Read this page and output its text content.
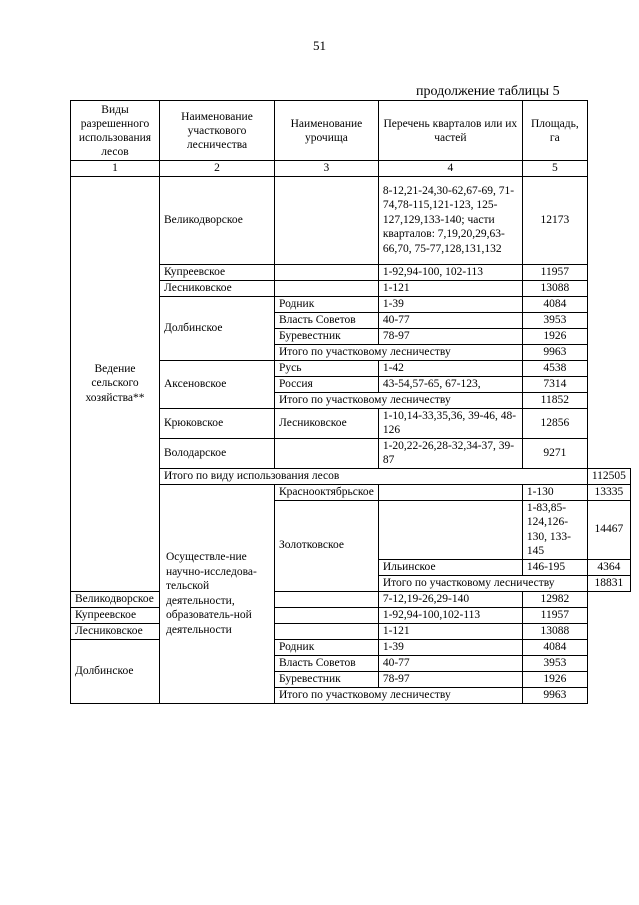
51
продолжение таблицы 5
Виды разрешенного использования лесов	Наименование участкового лесничества	Наименование урочища	Перечень кварталов или их частей	Площадь, га	
1	2	3	4	5	
Ведение сельского хозяйства**	Великодворское		8-12,21-24,30-62,67-69, 71-74,78-115,121-123, 125-127,129,133-140; части кварталов: 7,19,20,29,63-66,70, 75-77,128,131,132	12173	
	Купреевское		1-92,94-100, 102-113	11957	
	Лесниковское		1-121	13088	
	Долбинское	Родник	1-39	4084	
		Власть Советов	40-77	3953	
		Буревестник	78-97	1926	
		Итого по участковому лесничеству		9963	
	Аксеновское	Русь	1-42	4538	
		Россия	43-54,57-65, 67-123,	7314	
		Итого по участковому лесничеству		11852	
	Крюковское	Лесниковское	1-10,14-33,35,36, 39-46, 48-126	12856	
	Володарское		1-20,22-26,28-32,34-37, 39-87	9271	
	Итого по виду использования лесов				112505
	Осуществле-ние научно-исследова-тельской деятельности, образователь-ной деятельности	Краснооктябрьское		1-130	13335
		Золотковское		1-83,85-124,126-130, 133-145	14467
			Ильинское	146-195	4364
			Итого по участковому лесничеству		18831
Великодворское			7-12,19-26,29-140	12982	
Купреевское			1-92,94-100,102-113	11957	
Лесниковское			1-121	13088	
Долбинское		Родник	1-39	4084	
		Власть Советов	40-77	3953	
		Буревестник	78-97	1926	
		Итого по участковому лесничеству		9963	
